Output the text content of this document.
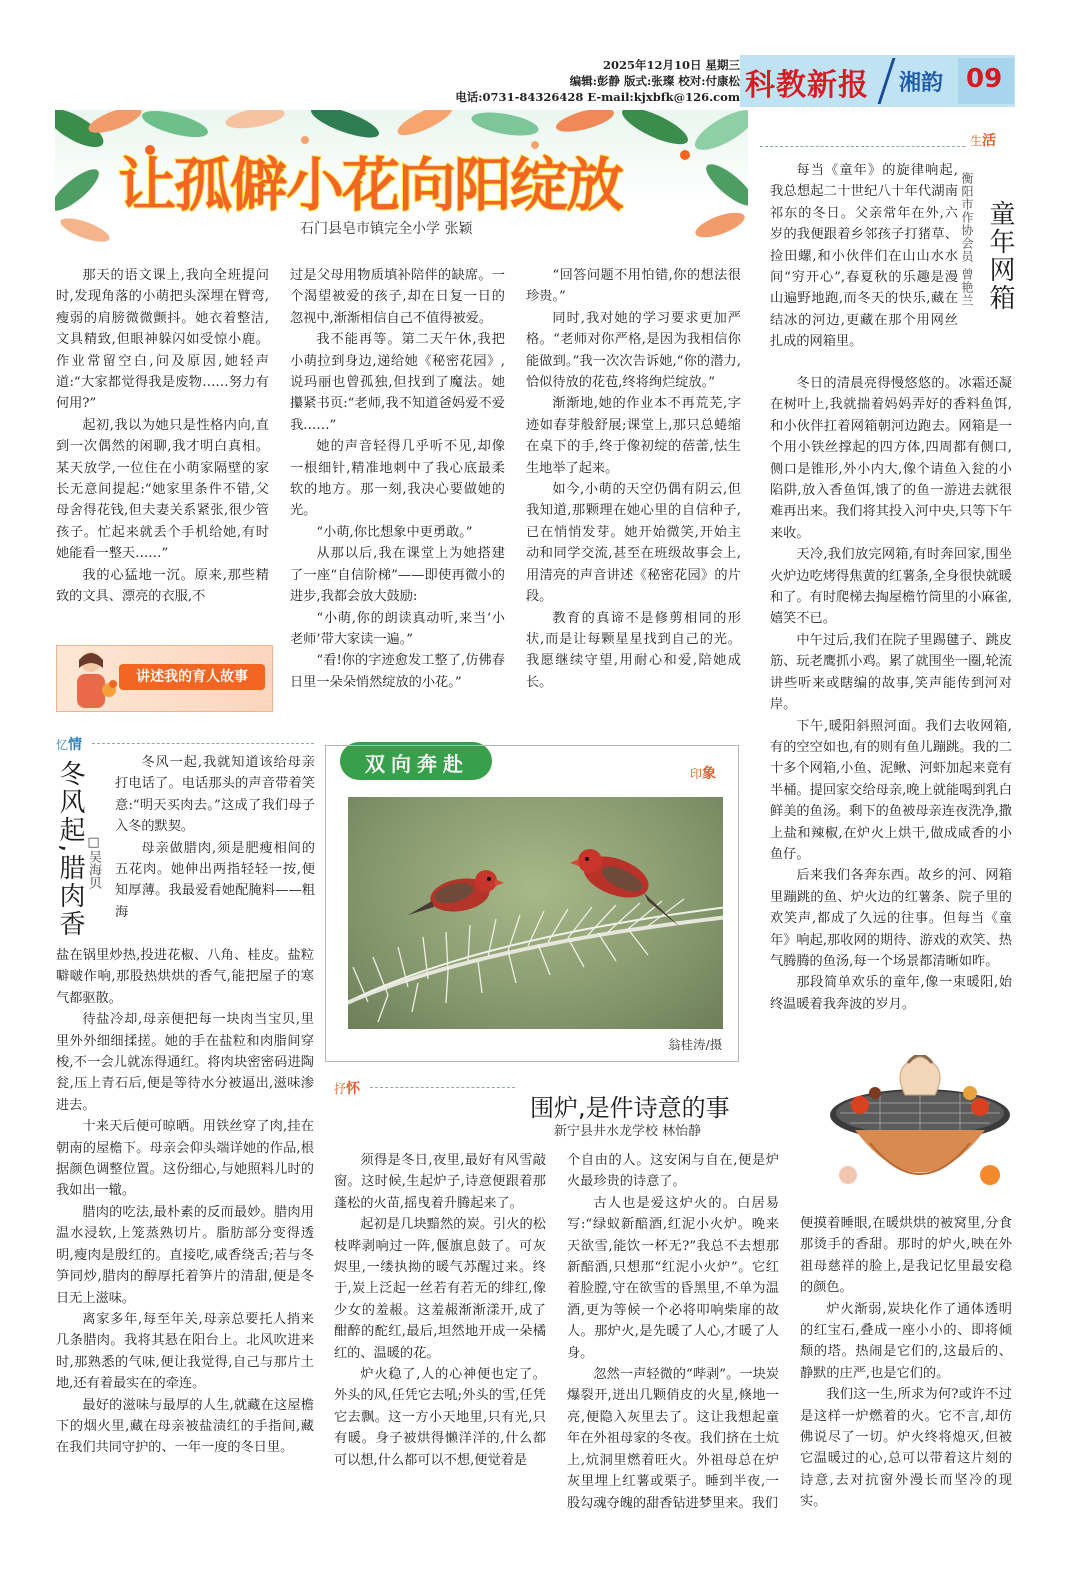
2025年12月10日 星期三
编辑:彭静 版式:张璨 校对:付康松
电话:0731-84326428 E-mail:kjxbfk@126.com 科教新报 湘韵 09
让孤僻小花向阳绽放
石门县皂市镇完全小学 张颖

那天的语文课上,我向全班提问时,发现角落的小萌把头深埋在臂弯,瘦弱的肩膀微微颤抖。她衣着整洁,文具精致,但眼神躲闪如受惊小鹿。作业常留空白,问及原因,她轻声道:“大家都觉得我是废物……努力有何用?”

起初,我以为她只是性格内向,直到一次偶然的闲聊,我才明白真相。某天放学,一位住在小萌家隔壁的家长无意间提起:“她家里条件不错,父母舍得花钱,但夫妻关系紧张,很少管孩子。忙起来就丢个手机给她,有时她能看一整天……”

我的心猛地一沉。原来,那些精致的文具、漂亮的衣服,不

过是父母用物质填补陪伴的缺席。一个渴望被爱的孩子,却在日复一日的忽视中,渐渐相信自己不值得被爱。

我不能再等。第二天午休,我把小萌拉到身边,递给她《秘密花园》,说玛丽也曾孤独,但找到了魔法。她攥紧书页:“老师,我不知道爸妈爱不爱我……”

她的声音轻得几乎听不见,却像一根细针,精准地刺中了我心底最柔软的地方。那一刻,我决心要做她的光。

“小萌,你比想象中更勇敢。”

从那以后,我在课堂上为她搭建了一座“自信阶梯”——即使再微小的进步,我都会放大鼓励:

“小萌,你的朗读真动听,来当‘小老师’带大家读一遍。”

“看!你的字迹愈发工整了,仿佛春日里一朵朵悄然绽放的小花。”

“回答问题不用怕错,你的想法很珍贵。”

同时,我对她的学习要求更加严格。“老师对你严格,是因为我相信你能做到。”我一次次告诉她,“你的潜力,恰似待放的花苞,终将绚烂绽放。”

渐渐地,她的作业本不再荒芜,字迹如春芽般舒展;课堂上,那只总蜷缩在桌下的手,终于像初绽的蓓蕾,怯生生地举了起来。

如今,小萌的天空仍偶有阴云,但我知道,那颗理在她心里的自信种子,已在悄悄发芽。她开始微笑,开始主动和同学交流,甚至在班级故事会上,用清亮的声音讲述《秘密花园》的片段。

教育的真谛不是修剪相同的形状,而是让每颗星星找到自己的光。我愿继续守望,用耐心和爱,陪她成长。

讲述我的育人故事
生活

每当《童年》的旋律响起,我总想起二十世纪八十年代湖南祁东的冬日。父亲常年在外,六岁的我便跟着乡邻孩子打猪草、捡田螺,和小伙伴们在山山水水间“穷开心”,春夏秋的乐趣是漫山遍野地跑,而冬天的快乐,藏在结冰的河边,更藏在那个用网丝扎成的网箱里。

童年网箱
衡阳市作协会员 曾艳兰

冬日的清晨亮得慢悠悠的。冰霜还凝在树叶上,我就揣着妈妈弄好的香料鱼饵,和小伙伴扛着网箱朝河边跑去。网箱是一个用小铁丝撑起的四方体,四周都有侧口,侧口是锥形,外小内大,像个请鱼入瓮的小陷阱,放入香鱼饵,饿了的鱼一游进去就很难再出来。我们将其投入河中央,只等下午来收。

天冷,我们放完网箱,有时奔回家,围坐火炉边吃烤得焦黄的红薯条,全身很快就暖和了。有时爬梯去掏屋檐竹筒里的小麻雀,嬉笑不已。

中午过后,我们在院子里踢毽子、跳皮筋、玩老鹰抓小鸡。累了就围坐一圈,轮流讲些听来或瞎编的故事,笑声能传到河对岸。

下午,暖阳斜照河面。我们去收网箱,有的空空如也,有的则有鱼儿蹦跳。我的二十多个网箱,小鱼、泥鳅、河虾加起来竟有半桶。提回家交给母亲,晚上就能喝到乳白鲜美的鱼汤。剩下的鱼被母亲连夜洗净,撒上盐和辣椒,在炉火上烘干,做成咸香的小鱼仔。

后来我们各奔东西。故乡的河、网箱里蹦跳的鱼、炉火边的红薯条、院子里的欢笑声,都成了久远的往事。但每当《童年》响起,那收网的期待、游戏的欢笑、热气腾腾的鱼汤,每一个场景都清晰如昨。

那段简单欢乐的童年,像一束暖阳,始终温暖着我奔波的岁月。

忆情
冬风起,腊肉香 □吴海贝

冬风一起,我就知道该给母亲打电话了。电话那头的声音带着笑意:“明天买肉去。”这成了我们母子入冬的默契。

母亲做腊肉,须是肥瘦相间的五花肉。她伸出两指轻轻一按,便知厚薄。我最爱看她配腌料——粗海

盐在锅里炒热,投进花椒、八角、桂皮。盐粒噼啵作响,那股热烘烘的香气,能把屋子的寒气都驱散。

待盐冷却,母亲便把每一块肉当宝贝,里里外外细细揉搓。她的手在盐粒和肉脂间穿梭,不一会儿就冻得通红。将肉块密密码进陶瓮,压上青石后,便是等待水分被逼出,滋味渗进去。

十来天后便可晾晒。用铁丝穿了肉,挂在朝南的屋檐下。母亲会仰头端详她的作品,根据颜色调整位置。这份细心,与她照料儿时的我如出一辙。

腊肉的吃法,最朴素的反而最妙。腊肉用温水浸软,上笼蒸熟切片。脂肪部分变得透明,瘦肉是殷红的。直接吃,咸香绕舌;若与冬笋同炒,腊肉的醇厚托着笋片的清甜,便是冬日无上滋味。

离家多年,每至年关,母亲总要托人捎来几条腊肉。我将其悬在阳台上。北风吹进来时,那熟悉的气味,便让我觉得,自己与那片土地,还有着最实在的牵连。

最好的滋味与最厚的人生,就藏在这屋檐下的烟火里,藏在母亲被盐渍红的手指间,藏在我们共同守护的、一年一度的冬日里。

双向奔赴	印象
翁桂涛/摄
抒怀
围炉,是件诗意的事
新宁县井水龙学校 林怡静

须得是冬日,夜里,最好有风雪敲窗。这时候,生起炉子,诗意便跟着那蓬松的火苗,摇曳着升腾起来了。

起初是几块黯然的炭。引火的松枝哔剥响过一阵,偃旗息鼓了。可灰烬里,一缕执拗的暖气苏醒过来。终于,炭上泛起一丝若有若无的绯红,像少女的羞赧。这羞赧渐渐漾开,成了酣醉的酡红,最后,坦然地开成一朵橘红的、温暖的花。

炉火稳了,人的心神便也定了。外头的风,任凭它去吼;外头的雪,任凭它去飘。这一方小天地里,只有光,只有暖。身子被烘得懒洋洋的,什么都可以想,什么都可以不想,便觉着是

个自由的人。这安闲与自在,便是炉火最珍贵的诗意了。

古人也是爱这炉火的。白居易写:“绿蚁新醅酒,红泥小火炉。晚来天欲雪,能饮一杯无?”我总不去想那新醅酒,只想那“红泥小火炉”。它红着脸膛,守在欲雪的昏黑里,不单为温酒,更为等候一个必将叩响柴扉的故人。那炉火,是先暖了人心,才暖了人身。

忽然一声轻微的“哔剥”。一块炭爆裂开,迸出几颗俏皮的火星,倏地一亮,便隐入灰里去了。这让我想起童年在外祖母家的冬夜。我们挤在土炕上,炕洞里燃着旺火。外祖母总在炉灰里埋上红薯或栗子。睡到半夜,一股勾魂夺魄的甜香钻进梦里来。我们

便摸着睡眼,在暖烘烘的被窝里,分食那烫手的香甜。那时的炉火,映在外祖母慈祥的脸上,是我记忆里最安稳的颜色。

炉火渐弱,炭块化作了通体透明的红宝石,叠成一座小小的、即将倾颓的塔。热闹是它们的,这最后的、静默的庄严,也是它们的。

我们这一生,所求为何?或许不过是这样一炉燃着的火。它不言,却仿佛说尽了一切。炉火终将熄灭,但被它温暖过的心,总可以带着这片刻的诗意,去对抗窗外漫长而坚冷的现实。
